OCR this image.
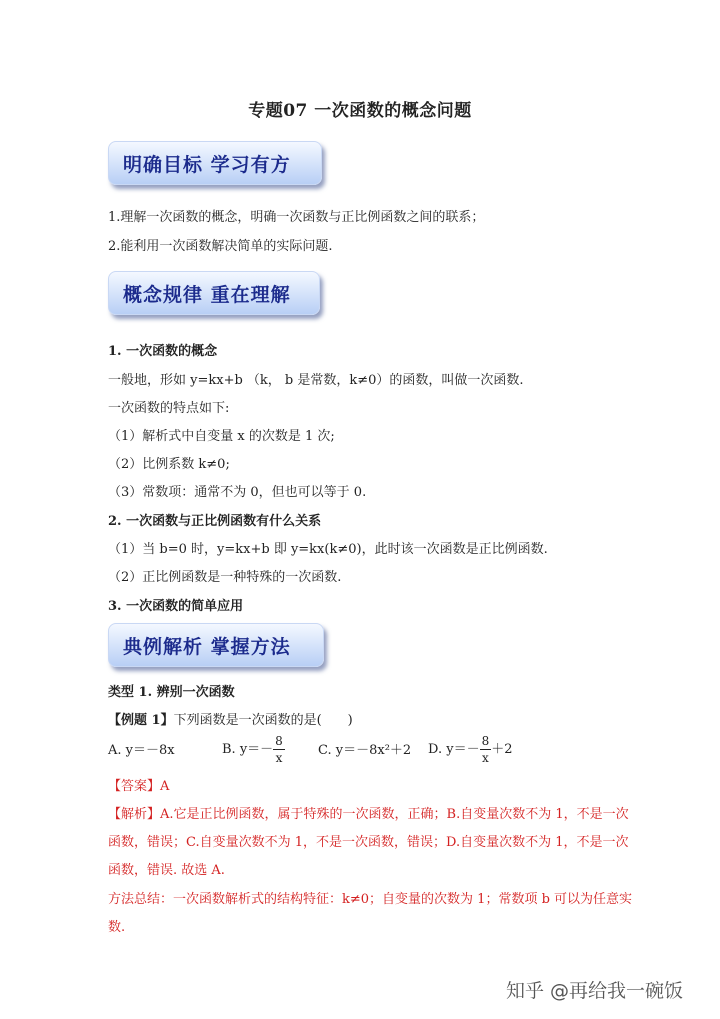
专题07 一次函数的概念问题
明确目标 学习有方
1.理解一次函数的概念，明确一次函数与正比例函数之间的联系；
2.能利用一次函数解决简单的实际问题.
概念规律 重在理解
1. 一次函数的概念
一般地，形如 y=kx+b （k， b 是常数，k≠0）的函数，叫做一次函数.
一次函数的特点如下:
（1）解析式中自变量 x 的次数是 1 次;
（2）比例系数 k≠0;
（3）常数项：通常不为 0，但也可以等于 0.
2. 一次函数与正比例函数有什么关系
（1）当 b=0 时，y=kx+b 即 y=kx(k≠0)，此时该一次函数是正比例函数.
（2）正比例函数是一种特殊的一次函数.
3. 一次函数的简单应用
典例解析 掌握方法
类型 1. 辨别一次函数
【例题 1】下列函数是一次函数的是(　　)
A. y＝－8x	B. $y=- \frac{8}{x}$	C. y＝－8x²＋2 D. $y=- \frac{8}{x} +2$
【答案】A
【解析】A.它是正比例函数，属于特殊的一次函数，正确；B.自变量次数不为 1，不是一次
函数，错误；C.自变量次数不为 1，不是一次函数，错误；D.自变量次数不为 1，不是一次
函数，错误. 故选 A.
方法总结：一次函数解析式的结构特征：k≠0；自变量的次数为 1；常数项 b 可以为任意实
数.
知乎 @再给我一碗饭
